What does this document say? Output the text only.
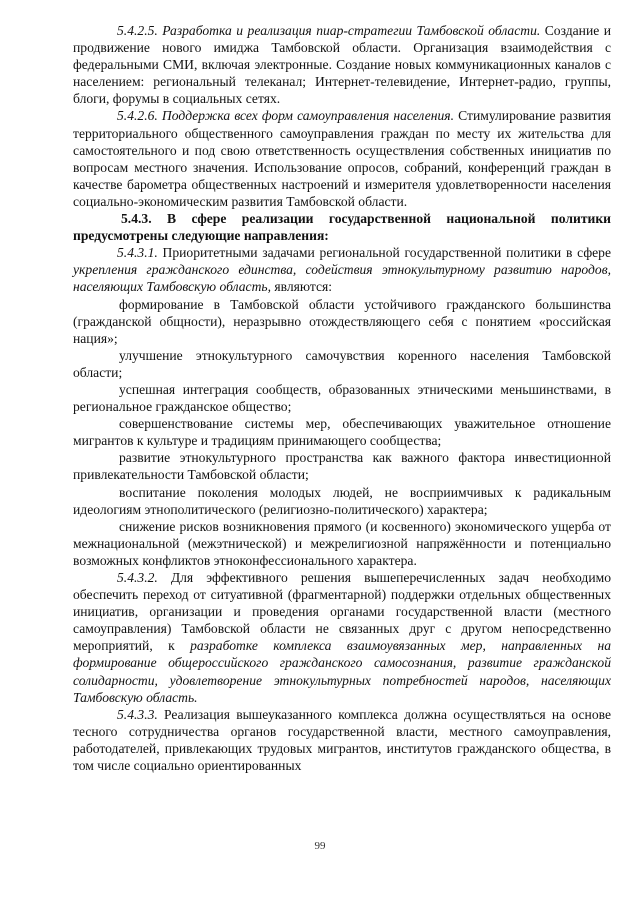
5.4.2.5. Разработка и реализация пиар-стратегии Тамбовской области. Создание и продвижение нового имиджа Тамбовской области. Организация взаимодействия с федеральными СМИ, включая электронные. Создание новых коммуникационных каналов с населением: региональный телеканал; Интернет-телевидение, Интернет-радио, группы, блоги, форумы в социальных сетях.

5.4.2.6. Поддержка всех форм самоуправления населения. Стимулирование развития территориального общественного самоуправления граждан по месту их жительства для самостоятельного и под свою ответственность осуществления собственных инициатив по вопросам местного значения. Использование опросов, собраний, конференций граждан в качестве барометра общественных настроений и измерителя удовлетворенности населения социально-экономическим развития Тамбовской области.

5.4.3. В сфере реализации государственной национальной политики предусмотрены следующие направления:

5.4.3.1. Приоритетными задачами региональной государственной политики в сфере укрепления гражданского единства, содействия этнокультурному развитию народов, населяющих Тамбовскую область, являются:

формирование в Тамбовской области устойчивого гражданского большинства (гражданской общности), неразрывно отождествляющего себя с понятием «российская нация»;

улучшение этнокультурного самочувствия коренного населения Тамбовской области;

успешная интеграция сообществ, образованных этническими меньшинствами, в региональное гражданское общество;

совершенствование системы мер, обеспечивающих уважительное отношение мигрантов к культуре и традициям принимающего сообщества;

развитие этнокультурного пространства как важного фактора инвестиционной привлекательности Тамбовской области;

воспитание поколения молодых людей, не восприимчивых к радикальным идеологиям этнополитического (религиозно-политического) характера;

снижение рисков возникновения прямого (и косвенного) экономического ущерба от межнациональной (межэтнической) и межрелигиозной напряжённости и потенциально возможных конфликтов этноконфессионального характера.

5.4.3.2. Для эффективного решения вышеперечисленных задач необходимо обеспечить переход от ситуативной (фрагментарной) поддержки отдельных общественных инициатив, организации и проведения органами государственной власти (местного самоуправления) Тамбовской области не связанных друг с другом непосредственно мероприятий, к разработке комплекса взаимоувязанных мер, направленных на формирование общероссийского гражданского самосознания, развитие гражданской солидарности, удовлетворение этнокультурных потребностей народов, населяющих Тамбовскую область.

5.4.3.3. Реализация вышеуказанного комплекса должна осуществляться на основе тесного сотрудничества органов государственной власти, местного самоуправления, работодателей, привлекающих трудовых мигрантов, институтов гражданского общества, в том числе социально ориентированных

99
